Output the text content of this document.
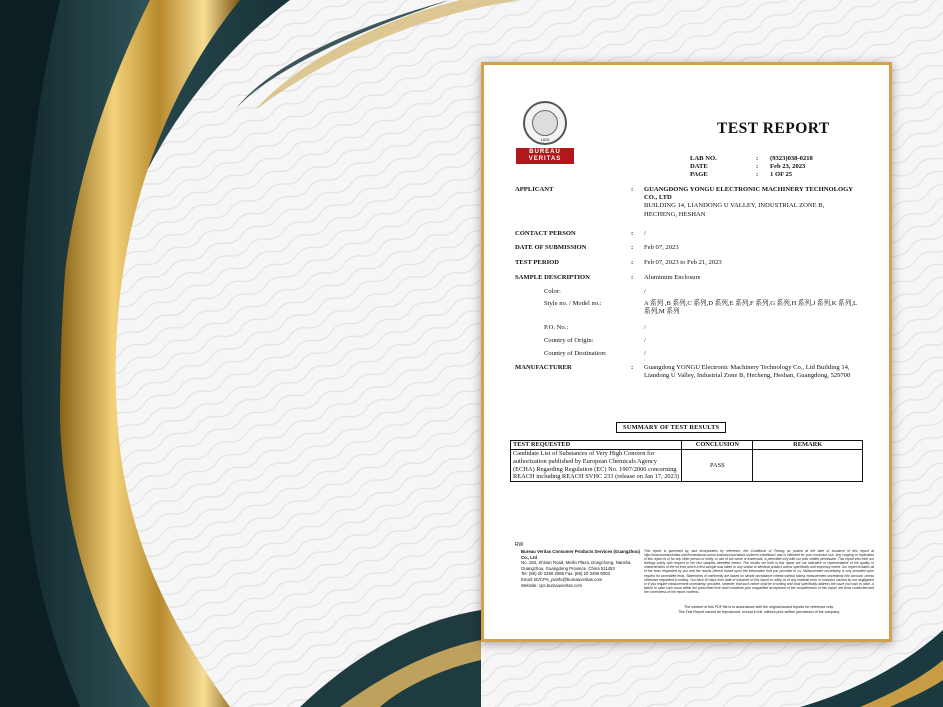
1828
BUREAU
VERITAS
TEST REPORT
LAB NO.	:	(9323)038-0218
DATE	:	Feb 23, 2023
PAGE	:	1 OF 25
APPLICANT	:	GUANGDONG YONGU ELECTRONIC MACHINERY TECHNOLOGY CO., LTD
BUILDING 14, LIANDONG U VALLEY, INDUSTRIAL ZONE B, HECHENG, HESHAN
CONTACT PERSON	:	/
DATE OF SUBMISSION	:	Feb 07, 2023
TEST PERIOD	:	Feb 07, 2023 to Feb 21, 2023
SAMPLE DESCRIPTION	:	Aluminum Enclosure
Color:	/
Style no. / Model no.:	A 系列 ,B 系列,C 系列,D 系列,E 系列,F 系列,G 系列,H 系列,J 系列,K 系列,L 系列,M 系列
P.O. No.:	/
Country of Origin:	/
Country of Destination:	/
MANUFACTURER	:	Guangdong YONGU Electronic Machinery Technology Co., Ltd Building 14, Liandong U Valley, Industrial Zone B, Hecheng, Heshan, Guangdong, 529700
SUMMARY OF TEST RESULTS
TEST REQUESTED	CONCLUSION	REMARK
Candidate List of Substances of Very High Concern for authorization published by European Chemicals Agency (ECHA) Regarding Regulation (EC) No. 1907/2006 concerning REACH including REACH SVHC 233 (release on Jan 17, 2023)	PASS	
RW
Bureau Veritas Consumer Products Services (Guangzhou) Co., Ltd
No. 183, Shinan Road, Meilin Plaza, Dongchong, Nansha, Guangzhou, Guangdong Province, China 511453
Tel: (86) 20 2290 2088 Fax: (86) 20 3490 9003
Email: BVCPS_pvinfo@bureauveritas.com
Website: cps.bureauveritas.com
This report is governed by, and incorporates by reference, the Conditions of Testing as posted at the date of issuance of this report at http://www.bureauveritas.com/home/about-us/our-business/cps/about-us/terms-conditions/ and is intended for your exclusive use. Any copying or replication of this report to or for any other person or entity, or use of our name or trademark, is permitted only with our prior written permission. This report sets forth our findings solely with respect to the test samples identified herein. The results set forth in this report are not indicative or representative of the quality or characteristics of the lot from which a test sample was taken or any similar or identical product unless specifically and expressly noted. Our report includes all of the tests requested by you and the results thereof based upon the information that you provided to us. Measurement uncertainty is only provided upon request for accredited tests. Statements of conformity are based on simple acceptance criteria without taking measurement uncertainty into account, unless otherwise requested in writing. You have 60 days from date of issuance of this report to notify us of any material error or omission caused by our negligence or if you require measurement uncertainty; provided, however, that such notice shall be in writing and shall specifically address the issue you wish to raise. A failure to raise such issue within the prescribed time shall constitute your unqualified acceptance of the completeness of this report, the tests conducted and the correctness of the report contents.
The content of this PDF file is in accordance with the original issued reports for reference only.
This Test Report cannot be reproduced, except in full, without prior written permission of the company.
